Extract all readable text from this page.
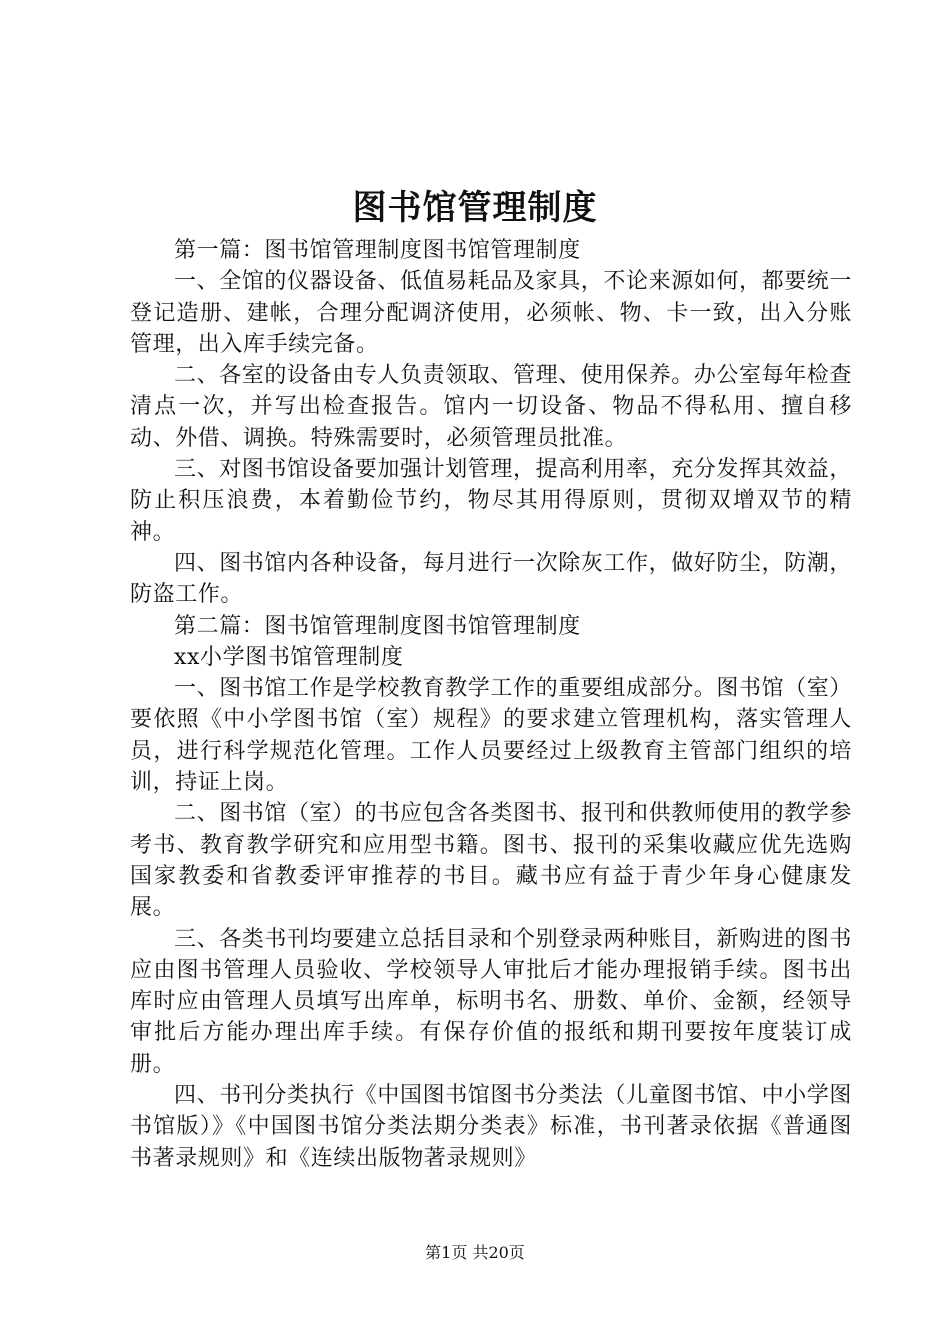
图书馆管理制度

第一篇：图书馆管理制度图书馆管理制度

一、全馆的仪器设备、低值易耗品及家具，不论来源如何，都要统一登记造册、建帐，合理分配调济使用，必须帐、物、卡一致，出入分账管理，出入库手续完备。

二、各室的设备由专人负责领取、管理、使用保养。办公室每年检查清点一次，并写出检查报告。馆内一切设备、物品不得私用、擅自移动、外借、调换。特殊需要时，必须管理员批准。

三、对图书馆设备要加强计划管理，提高利用率，充分发挥其效益，防止积压浪费，本着勤俭节约，物尽其用得原则，贯彻双增双节的精神。

四、图书馆内各种设备，每月进行一次除灰工作，做好防尘，防潮，防盗工作。

第二篇：图书馆管理制度图书馆管理制度

xx小学图书馆管理制度

一、图书馆工作是学校教育教学工作的重要组成部分。图书馆（室）要依照《中小学图书馆（室）规程》的要求建立管理机构，落实管理人员，进行科学规范化管理。工作人员要经过上级教育主管部门组织的培训，持证上岗。

二、图书馆（室）的书应包含各类图书、报刊和供教师使用的教学参考书、教育教学研究和应用型书籍。图书、报刊的采集收藏应优先选购国家教委和省教委评审推荐的书目。藏书应有益于青少年身心健康发展。

三、各类书刊均要建立总括目录和个别登录两种账目，新购进的图书应由图书管理人员验收、学校领导人审批后才能办理报销手续。图书出库时应由管理人员填写出库单，标明书名、册数、单价、金额，经领导审批后方能办理出库手续。有保存价值的报纸和期刊要按年度装订成册。

四、书刊分类执行《中国图书馆图书分类法（儿童图书馆、中小学图书馆版）》《中国图书馆分类法期分类表》标准，书刊著录依据《普通图书著录规则》和《连续出版物著录规则》

第1页 共20页
